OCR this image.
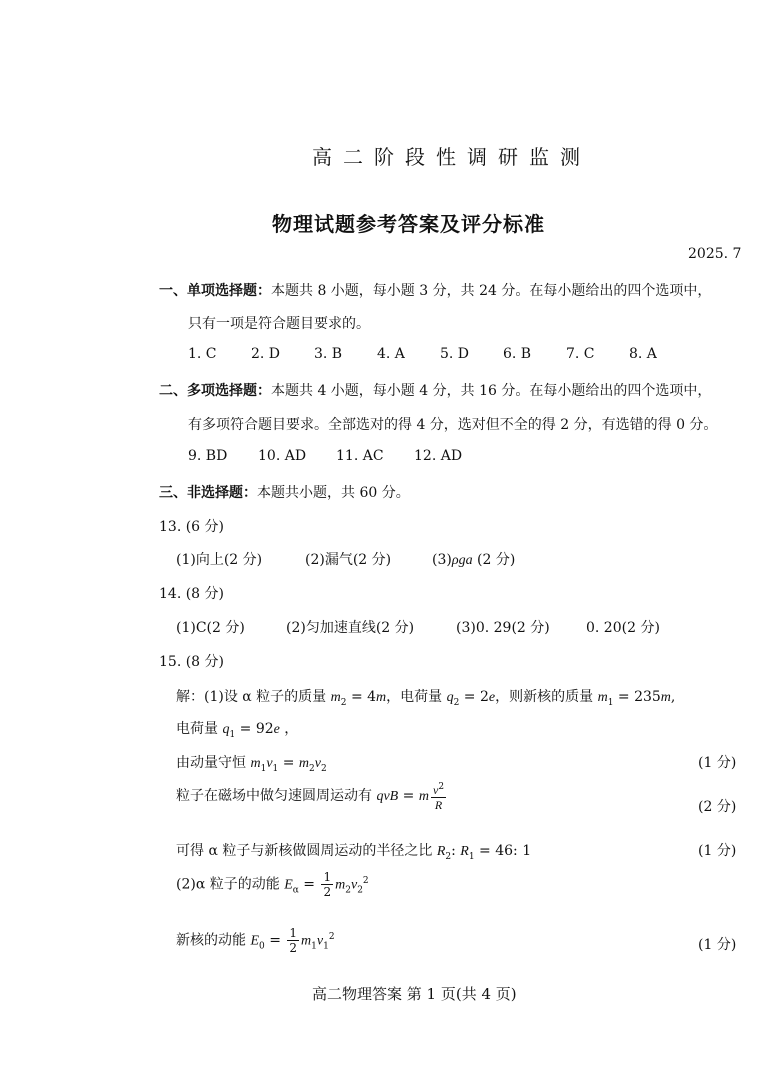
高二阶段性调研监测
物理试题参考答案及评分标准
2025. 7
一、单项选择题：本题共 8 小题，每小题 3 分，共 24 分。在每小题给出的四个选项中，
只有一项是符合题目要求的。
1. C 2. D 3. B 4. A	5. D 6. B 7. C 8. A
二、多项选择题：本题共 4 小题，每小题 4 分，共 16 分。在每小题给出的四个选项中，
有多项符合题目要求。全部选对的得 4 分，选对但不全的得 2 分，有选错的得 0 分。
9. BD 10. AD 11. AC 12. AD
三、非选择题：本题共小题，共 60 分。
13. (6 分)
(1)向上(2 分)	(2)漏气(2 分)	(3)ρga (2 分)
14. (8 分)
(1)C(2 分)	(2)匀加速直线(2 分)	(3)0. 29(2 分)	0. 20(2 分)
15. (8 分)
解：(1)设 α 粒子的质量 $m_2 = 4m$，电荷量 $q_2 = 2e$，则新核的质量 $m_1 = 235m$,
电荷量 $q_1 = 92e$ ，
由动量守恒 $m_1v_1 = m_2v_2$	(1 分)
粒子在磁场中做匀速圆周运动有 qvB = m $\frac{v^2}{R}$	(2 分)
可得 α 粒子与新核做圆周运动的半径之比 $R_2$: $R_1 = 46$: 1	(1 分)
(2)α 粒子的动能 $E_\alpha = \frac{1}{2} m_2v_2^2$
新核的动能 $E_0 = \frac{1}{2} m_1v_1^2$
(1 分)
高二物理答案 第 1 页(共 4 页)
